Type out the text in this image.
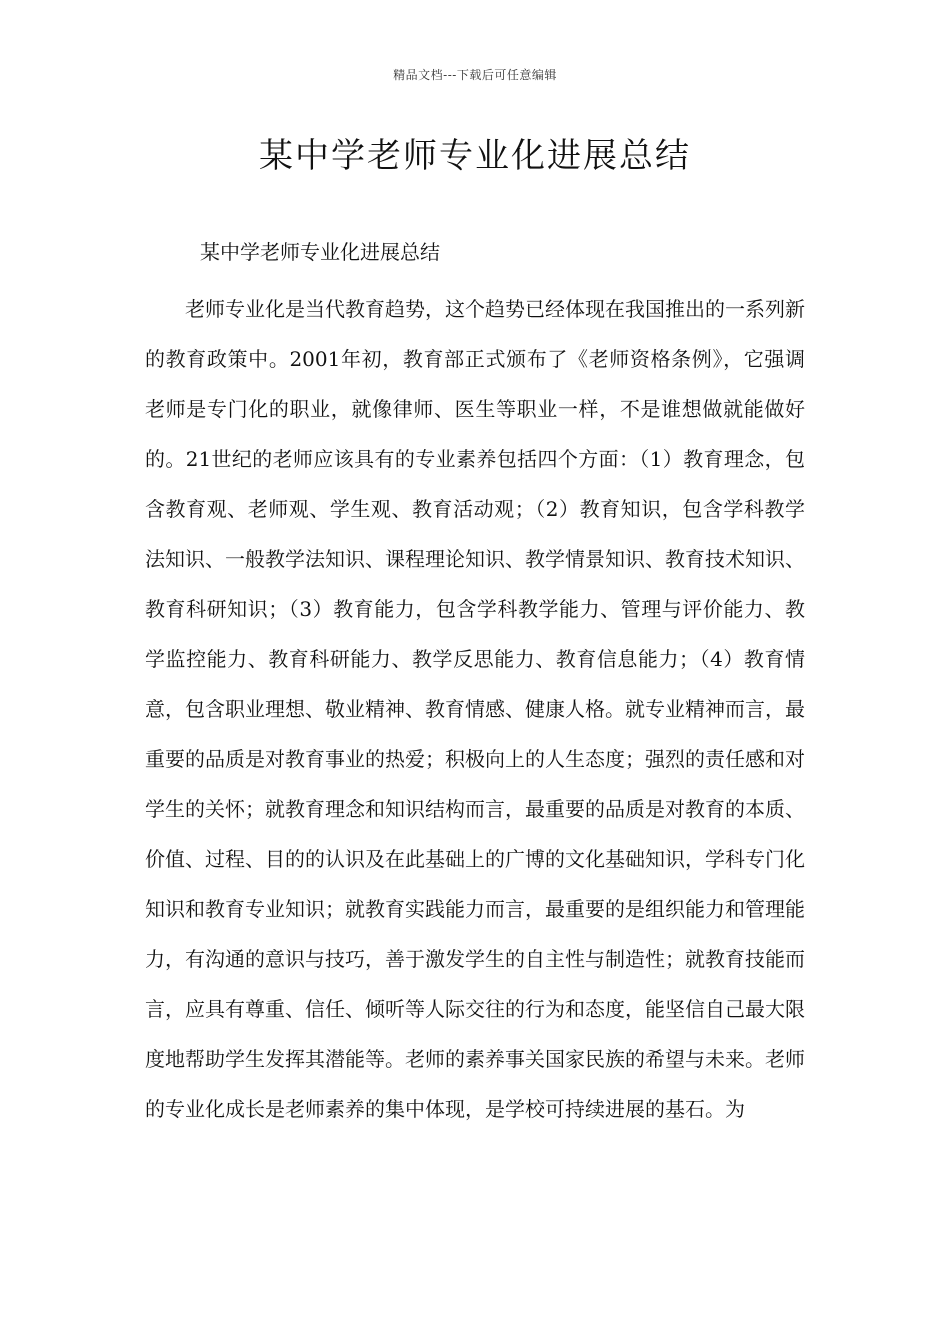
精品文档---下载后可任意编辑
某中学老师专业化进展总结

某中学老师专业化进展总结

老师专业化是当代教育趋势，这个趋势已经体现在我国推出的一系列新的教育政策中。2001年初，教育部正式颁布了《老师资格条例》，它强调老师是专门化的职业，就像律师、医生等职业一样，不是谁想做就能做好的。21世纪的老师应该具有的专业素养包括四个方面：（1）教育理念，包含教育观、老师观、学生观、教育活动观；（2）教育知识，包含学科教学法知识、一般教学法知识、课程理论知识、教学情景知识、教育技术知识、教育科研知识；（3）教育能力，包含学科教学能力、管理与评价能力、教学监控能力、教育科研能力、教学反思能力、教育信息能力；（4）教育情意，包含职业理想、敬业精神、教育情感、健康人格。就专业精神而言，最重要的品质是对教育事业的热爱；积极向上的人生态度；强烈的责任感和对学生的关怀；就教育理念和知识结构而言，最重要的品质是对教育的本质、价值、过程、目的的认识及在此基础上的广博的文化基础知识，学科专门化知识和教育专业知识；就教育实践能力而言，最重要的是组织能力和管理能力，有沟通的意识与技巧，善于激发学生的自主性与制造性；就教育技能而言，应具有尊重、信任、倾听等人际交往的行为和态度，能坚信自己最大限度地帮助学生发挥其潜能等。老师的素养事关国家民族的希望与未来。老师的专业化成长是老师素养的集中体现，是学校可持续进展的基石。为
